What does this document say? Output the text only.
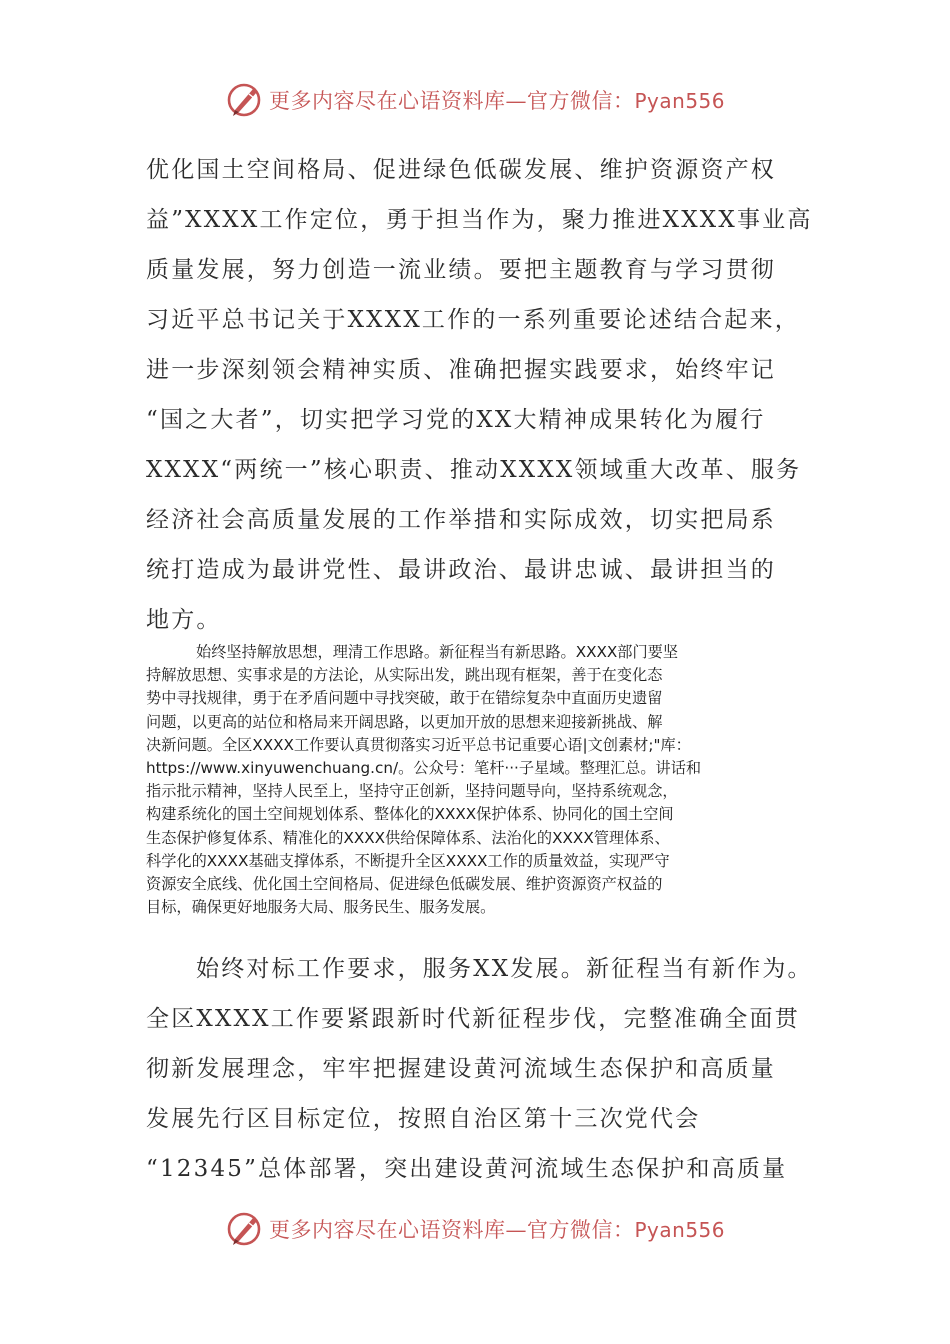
更多内容尽在心语资料库—官方微信：Pyan556
优化国土空间格局、促进绿色低碳发展、维护资源资产权
益”XXXX工作定位，勇于担当作为，聚力推进XXXX事业高
质量发展，努力创造一流业绩。要把主题教育与学习贯彻
习近平总书记关于XXXX工作的一系列重要论述结合起来，
进一步深刻领会精神实质、准确把握实践要求，始终牢记
“国之大者”，切实把学习党的XX大精神成果转化为履行
XXXX“两统一”核心职责、推动XXXX领域重大改革、服务
经济社会高质量发展的工作举措和实际成效，切实把局系
统打造成为最讲党性、最讲政治、最讲忠诚、最讲担当的
地方。
始终坚持解放思想，理清工作思路。新征程当有新思路。XXXX部门要坚
持解放思想、实事求是的方法论，从实际出发，跳出现有框架，善于在变化态
势中寻找规律，勇于在矛盾问题中寻找突破，敢于在错综复杂中直面历史遗留
问题，以更高的站位和格局来开阔思路，以更加开放的思想来迎接新挑战、解
决新问题。全区XXXX工作要认真贯彻落实习近平总书记重要心语|文创素材;"库：
https://www.xinyuwenchuang.cn/。公众号：笔杆···子星域。整理汇总。讲话和
指示批示精神，坚持人民至上，坚持守正创新，坚持问题导向，坚持系统观念，
构建系统化的国土空间规划体系、整体化的XXXX保护体系、协同化的国土空间
生态保护修复体系、精准化的XXXX供给保障体系、法治化的XXXX管理体系、
科学化的XXXX基础支撑体系，不断提升全区XXXX工作的质量效益，实现严守
资源安全底线、优化国土空间格局、促进绿色低碳发展、维护资源资产权益的
目标，确保更好地服务大局、服务民生、服务发展。
始终对标工作要求，服务XX发展。新征程当有新作为。
全区XXXX工作要紧跟新时代新征程步伐，完整准确全面贯
彻新发展理念，牢牢把握建设黄河流域生态保护和高质量
发展先行区目标定位，按照自治区第十三次党代会
“12345”总体部署，突出建设黄河流域生态保护和高质量
更多内容尽在心语资料库—官方微信：Pyan556
